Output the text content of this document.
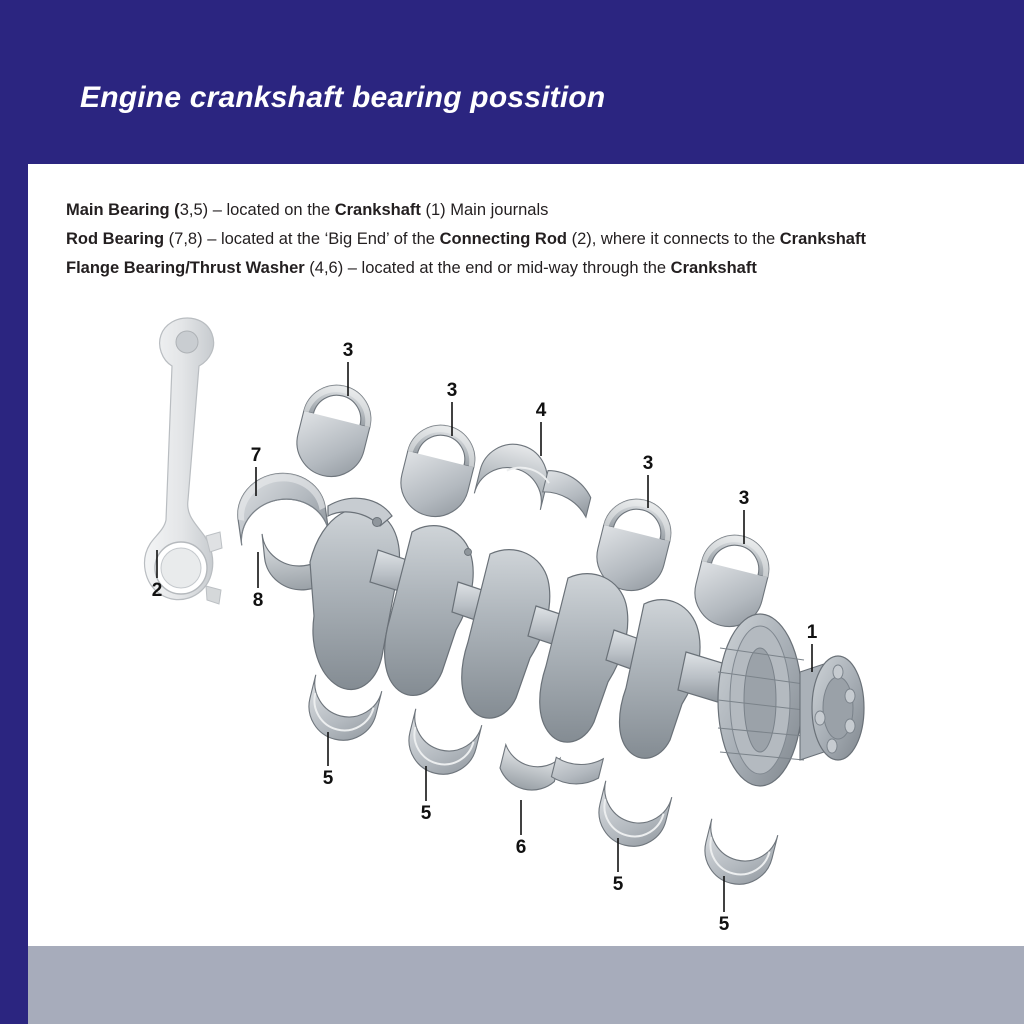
Engine crankshaft bearing possition
Main Bearing (3,5) – located on the Crankshaft (1) Main journals
Rod Bearing (7,8) – located at the ‘Big End’ of the Connecting Rod (2), where it connects to the Crankshaft
Flange Bearing/Thrust Washer (4,6) – located at the end or mid-way through the Crankshaft
3
3
4
3
3
7
8
2
1
5
5
6
5
5
